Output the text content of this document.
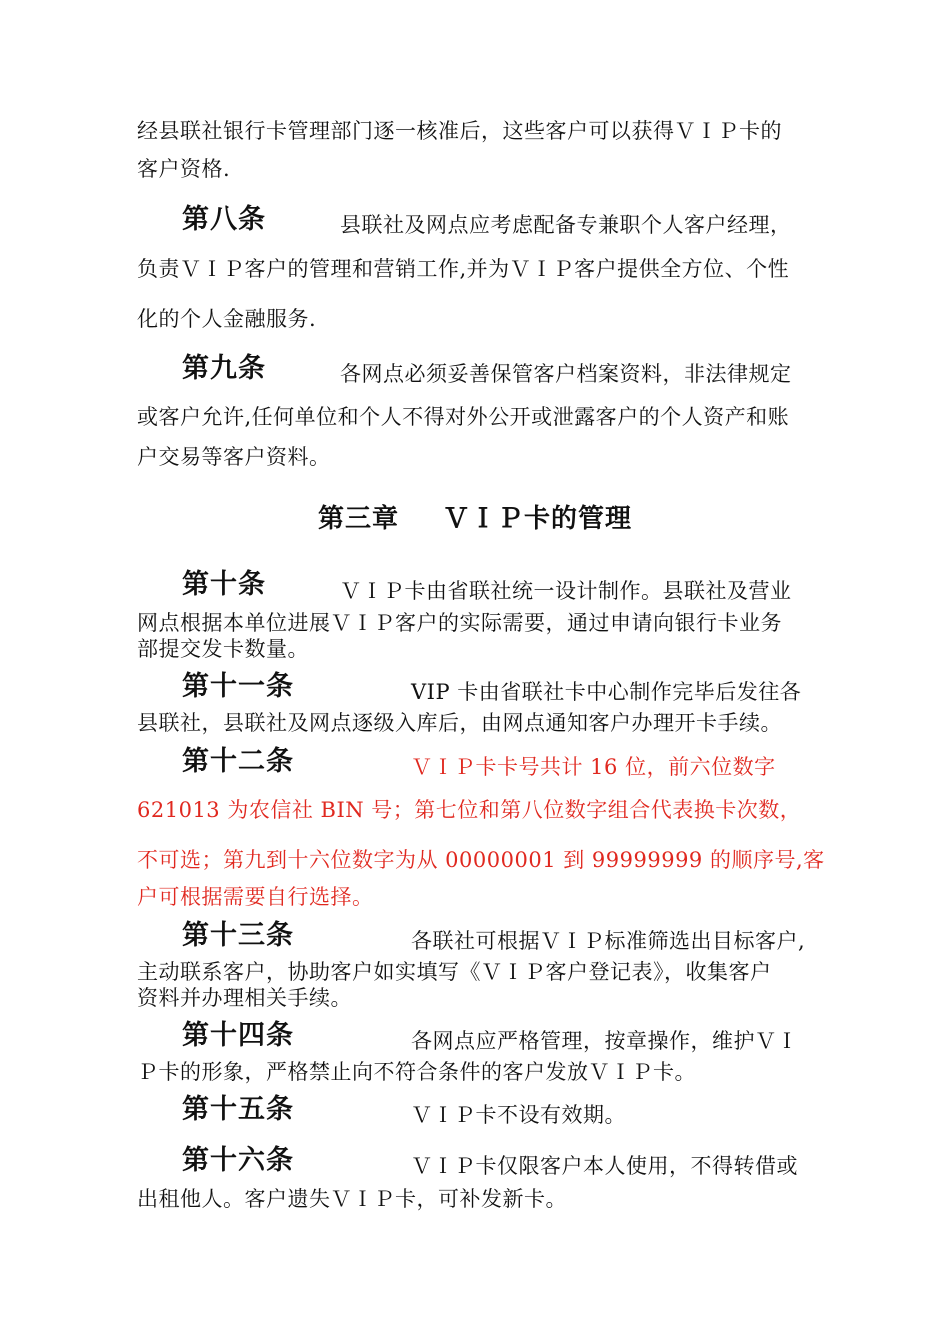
经县联社银行卡管理部门逐一核准后，这些客户可以获得ＶＩＰ卡的
客户资格.
第八条	县联社及网点应考虑配备专兼职个人客户经理，
负责ＶＩＰ客户的管理和营销工作,并为ＶＩＰ客户提供全方位、个性
化的个人金融服务.
第九条	各网点必须妥善保管客户档案资料，非法律规定
或客户允许,任何单位和个人不得对外公开或泄露客户的个人资产和账
户交易等客户资料。
第三章 ＶＩＰ卡的管理
第十条	ＶＩＰ卡由省联社统一设计制作。县联社及营业
网点根据本单位进展ＶＩＰ客户的实际需要，通过申请向银行卡业务
部提交发卡数量。
第十一条	VIP 卡由省联社卡中心制作完毕后发往各
县联社，县联社及网点逐级入库后，由网点通知客户办理开卡手续。
第十二条	ＶＩＰ卡卡号共计 16 位，前六位数字
621013 为农信社 BIN 号；第七位和第八位数字组合代表换卡次数，
不可选；第九到十六位数字为从 00000001 到 99999999 的顺序号,客
户可根据需要自行选择。
第十三条	各联社可根据ＶＩＰ标准筛选出目标客户,
主动联系客户，协助客户如实填写《ＶＩＰ客户登记表》，收集客户
资料并办理相关手续。
第十四条	各网点应严格管理，按章操作，维护ＶＩ
Ｐ卡的形象，严格禁止向不符合条件的客户发放ＶＩＰ卡。
第十五条	ＶＩＰ卡不设有效期。
第十六条	ＶＩＰ卡仅限客户本人使用，不得转借或
出租他人。客户遗失ＶＩＰ卡，可补发新卡。
